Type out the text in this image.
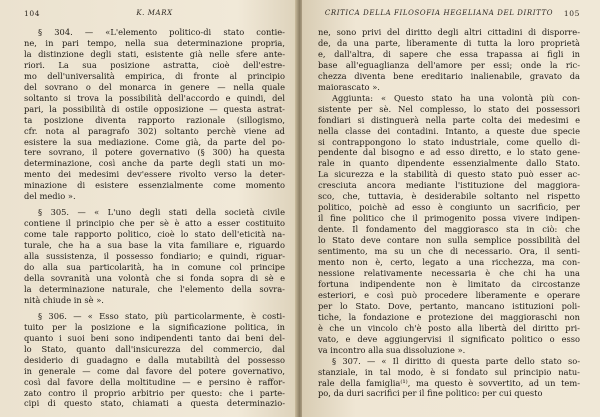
104	K. MARX
§ 304. — «L'elemento politico-di stato contie-
ne, in pari tempo, nella sua determinazione propria,
la distinzione degli stati, esistente già nelle sfere ante-
riori. La sua posizione astratta, cioè dell'estre-
mo dell'universalità empirica, di fronte al principio
del sovrano o del monarca in genere — nella quale
soltanto si trova la possibilità dell'accordo e quindi, del
pari, la possibilità di ostile opposizione — questa astrat-
ta posizione diventa rapporto razionale (sillogismo,
cfr. nota al paragrafo 302) soltanto perchè viene ad
esistere la sua mediazione. Come già, da parte del po-
tere sovrano, il potere governativo (§ 300) ha questa
determinazione, così anche da parte degli stati un mo-
mento dei medesimi dev'essere rivolto verso la deter-
minazione di esistere essenzialmente come momento
del medio ».
§ 305. — « L'uno degli stati della società civile
contiene il principio che per sè è atto a esser costituito
come tale rapporto politico, cioè lo stato dell'eticità na-
turale, che ha a sua base la vita familiare e, riguardo
alla sussistenza, il possesso fondiario; e quindi, riguar-
do alla sua particolarità, ha in comune col principe
della sovranità una volontà che si fonda sopra di sè e
la determinazione naturale, che l'elemento della sovra-
nità chiude in sè ».
§ 306. — « Esso stato, più particolarmente, è costi-
tuito per la posizione e la significazione politica, in
quanto i suoi beni sono indipendenti tanto dai beni del-
lo Stato, quanto dall'insicurezza del commercio, dal
desiderio di guadagno e dalla mutabilità del possesso
in generale — come dal favore del potere governativo,
così dal favore della moltitudine — e persino è raffor-
zato contro il proprio arbitrio per questo: che i parte-
cipi di questo stato, chiamati a questa determinazio-
CRITICA DELLA FILOSOFIA HEGELIANA DEL DIRITTO	105
ne, sono privi del diritto degli altri cittadini di disporre-
de, da una parte, liberamente di tutta la loro proprietà
e, dall'altra, di sapere che essa trapassa ai figli in
base all'eguaglianza dell'amore per essi; onde la ric-
chezza diventa bene ereditario inalienabile, gravato da
maiorascato ».
Aggiunta: « Questo stato ha una volontà più con-
sistente per sè. Nel complesso, lo stato dei possessori
fondiari si distinguerà nella parte colta dei medesimi e
nella classe dei contadini. Intanto, a queste due specie
si contrappongono lo stato industriale, come quello di-
pendente dal bisogno e ad esso diretto, e lo stato gene-
rale in quanto dipendente essenzialmente dallo Stato.
La sicurezza e la stabilità di questo stato può esser ac-
cresciuta ancora mediante l'istituzione del maggiora-
sco, che, tuttavia, è desiderabile soltanto nel rispetto
politico, poichè ad esso è congiunto un sacrificio, per
il fine politico che il primogenito possa vivere indipen-
dente. Il fondamento del maggiorasco sta in ciò: che
lo Stato deve contare non sulla semplice possibilità del
sentimento, ma su un che di necessario. Ora, il senti-
mento non è, certo, legato a una ricchezza, ma con-
nessione relativamente necessaria è che chi ha una
fortuna indipendente non è limitato da circostanze
esteriori, e così può procedere liberamente e operare
per lo Stato. Dove, pertanto, mancano istituzioni poli-
tiche, la fondazione e protezione dei maggioraschi non
è che un vincolo ch'è posto alla libertà del diritto pri-
vato, e deve aggiungervisi il significato politico o esso
va incontro alla sua dissoluzione ».
§ 307. — « Il diritto di questa parte dello stato so-
stanziale, in tal modo, è si fondato sul principio natu-
rale della famiglia⁽¹⁾, ma questo è sovvertito, ad un tem-
po, da duri sacrifici per il fine politico: per cui questo
